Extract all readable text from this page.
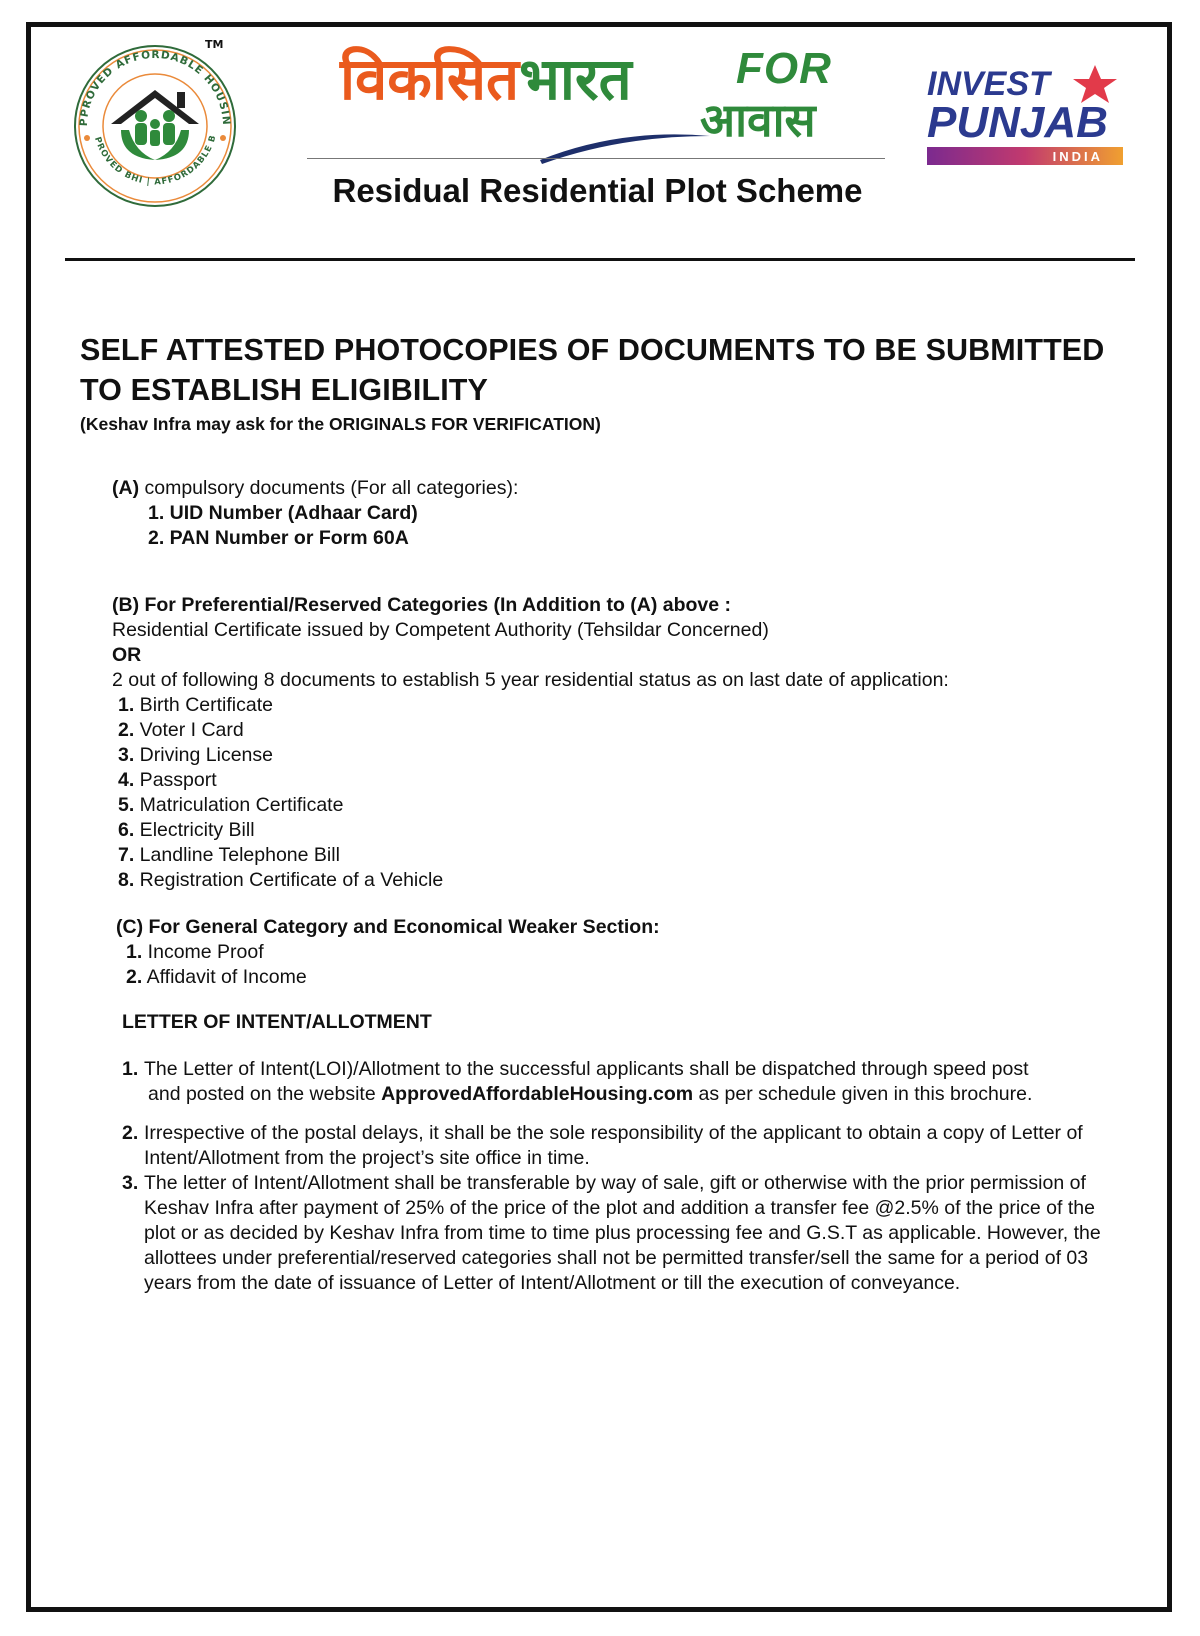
PPROVED AFFORDABLE HOUSIN
PROVED BHI | AFFORDABLE B
TM
विकसितभारत FOR
आवास
Residual Residential Plot Scheme
INVEST
PUNJAB
INDIA
SELF ATTESTED PHOTOCOPIES OF DOCUMENTS TO BE SUBMITTED
TO ESTABLISH ELIGIBILITY
(Keshav Infra may ask for the ORIGINALS FOR VERIFICATION)
(A) compulsory documents (For all categories):
1. UID Number (Adhaar Card)
2. PAN Number or Form 60A
(B) For Preferential/Reserved Categories (In Addition to (A) above :
Residential Certificate issued by Competent Authority (Tehsildar Concerned)
OR
2 out of following 8 documents to establish 5 year residential status as on last date of application:
1. Birth Certificate
2. Voter I Card
3. Driving License
4. Passport
5. Matriculation Certificate
6. Electricity Bill
7. Landline Telephone Bill
8. Registration Certificate of a Vehicle
(C) For General Category and Economical Weaker Section:
1. Income Proof
2. Affidavit of Income
LETTER OF INTENT/ALLOTMENT
1. The Letter of Intent(LOI)/Allotment to the successful applicants shall be dispatched through speed post
and posted on the website ApprovedAffordableHousing.com as per schedule given in this brochure.
2. Irrespective of the postal delays, it shall be the sole responsibility of the applicant to obtain a copy of Letter of Intent/Allotment from the project’s site office in time.
3. The letter of Intent/Allotment shall be transferable by way of sale, gift or otherwise with the prior permission of Keshav Infra after payment of 25% of the price of the plot and addition a transfer fee @2.5% of the price of the plot or as decided by Keshav Infra from time to time plus processing fee and G.S.T as applicable. However, the allottees under preferential/reserved categories shall not be permitted transfer/sell the same for a period of 03 years from the date of issuance of Letter of Intent/Allotment or till the execution of conveyance.
